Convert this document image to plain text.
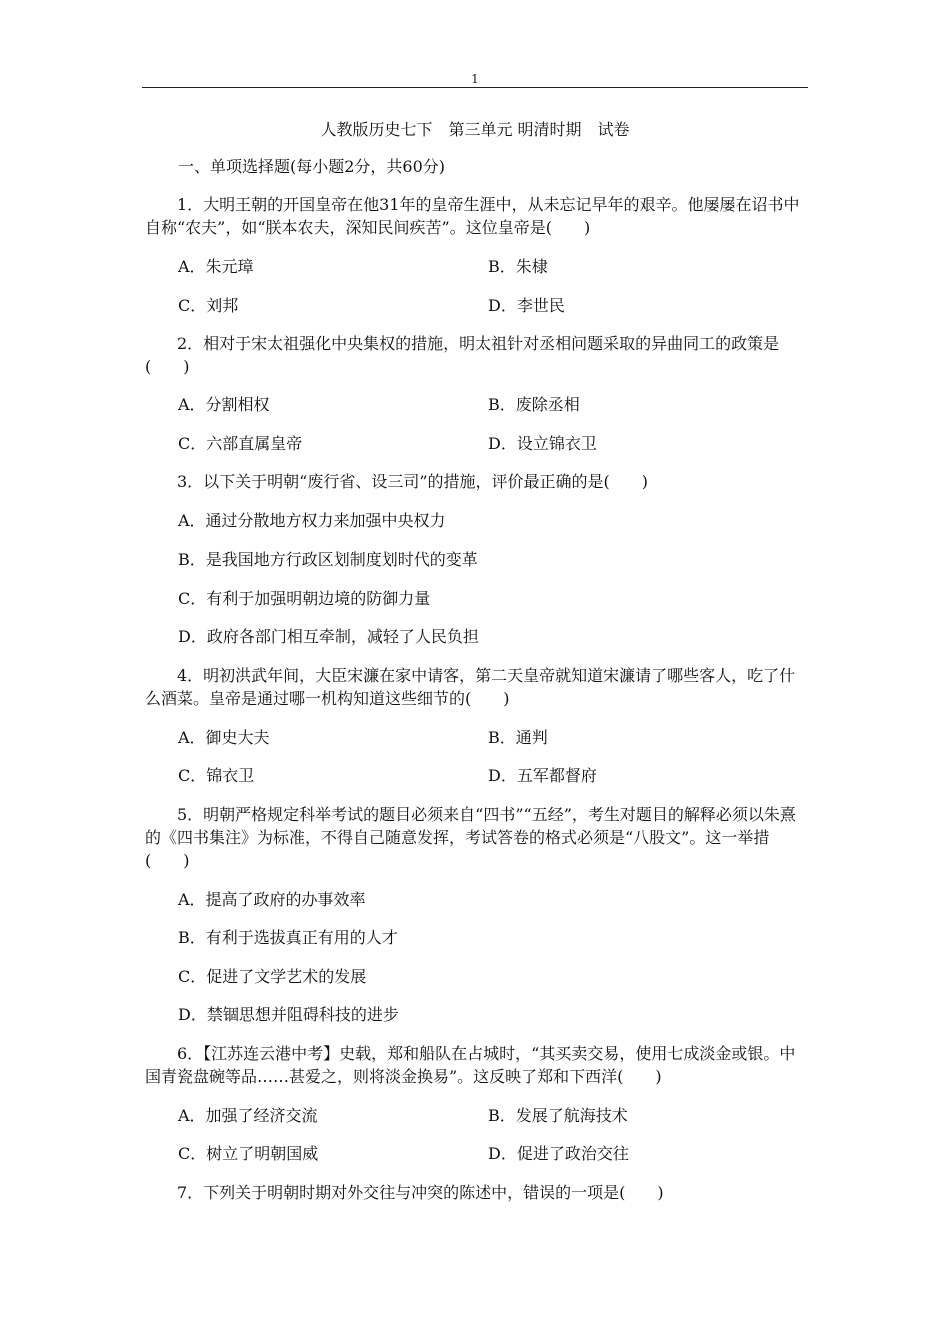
1
人教版历史七下　第三单元 明清时期　试卷
一、单项选择题(每小题2分，共60分)
1．大明王朝的开国皇帝在他31年的皇帝生涯中，从未忘记早年的艰辛。他屡屡在诏书中自称“农夫”，如“朕本农夫，深知民间疾苦”。这位皇帝是(　　)
A．朱元璋	B．朱棣
C．刘邦	D．李世民
2．相对于宋太祖强化中央集权的措施，明太祖针对丞相问题采取的异曲同工的政策是(　　)
A．分割相权	B．废除丞相
C．六部直属皇帝	D．设立锦衣卫
3．以下关于明朝“废行省、设三司”的措施，评价最正确的是(　　)
A．通过分散地方权力来加强中央权力
B．是我国地方行政区划制度划时代的变革
C．有利于加强明朝边境的防御力量
D．政府各部门相互牵制，减轻了人民负担
4．明初洪武年间，大臣宋濂在家中请客，第二天皇帝就知道宋濂请了哪些客人，吃了什么酒菜。皇帝是通过哪一机构知道这些细节的(　　)
A．御史大夫	B．通判
C．锦衣卫	D．五军都督府
5．明朝严格规定科举考试的题目必须来自“四书”“五经”，考生对题目的解释必须以朱熹的《四书集注》为标准，不得自己随意发挥，考试答卷的格式必须是“八股文”。这一举措(　　)
A．提高了政府的办事效率
B．有利于选拔真正有用的人才
C．促进了文学艺术的发展
D．禁锢思想并阻碍科技的进步
6．【江苏连云港中考】史载，郑和船队在占城时，“其买卖交易，使用七成淡金或银。中国青瓷盘碗等品……甚爱之，则将淡金换易”。这反映了郑和下西洋(　　)
A．加强了经济交流	B．发展了航海技术
C．树立了明朝国威	D．促进了政治交往
7．下列关于明朝时期对外交往与冲突的陈述中，错误的一项是(　　)
